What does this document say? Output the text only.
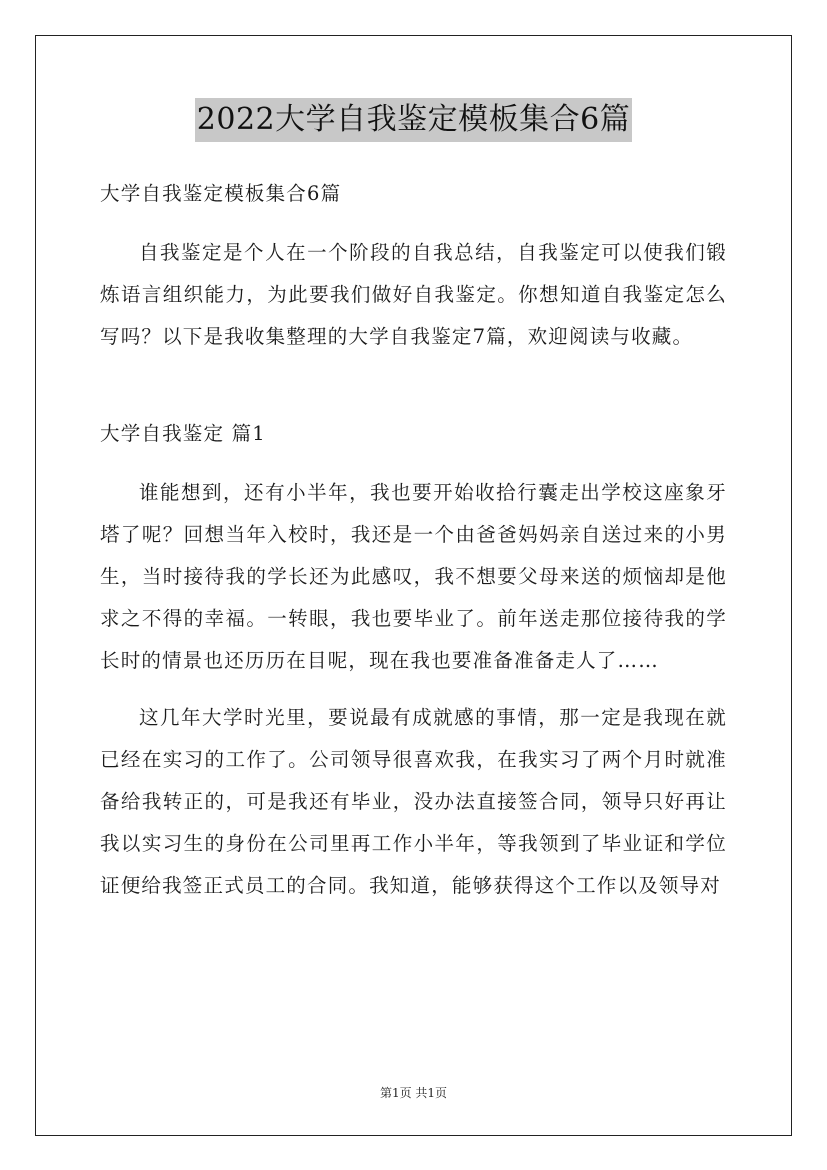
2022大学自我鉴定模板集合6篇

大学自我鉴定模板集合6篇

自我鉴定是个人在一个阶段的自我总结，自我鉴定可以使我们锻炼语言组织能力，为此要我们做好自我鉴定。你想知道自我鉴定怎么写吗？以下是我收集整理的大学自我鉴定7篇，欢迎阅读与收藏。

大学自我鉴定 篇1

谁能想到，还有小半年，我也要开始收拾行囊走出学校这座象牙塔了呢？回想当年入校时，我还是一个由爸爸妈妈亲自送过来的小男生，当时接待我的学长还为此感叹，我不想要父母来送的烦恼却是他求之不得的幸福。一转眼，我也要毕业了。前年送走那位接待我的学长时的情景也还历历在目呢，现在我也要准备准备走人了……

这几年大学时光里，要说最有成就感的事情，那一定是我现在就已经在实习的工作了。公司领导很喜欢我，在我实习了两个月时就准备给我转正的，可是我还有毕业，没办法直接签合同，领导只好再让我以实习生的身份在公司里再工作小半年，等我领到了毕业证和学位证便给我签正式员工的合同。我知道，能够获得这个工作以及领导对

第1页 共1页
